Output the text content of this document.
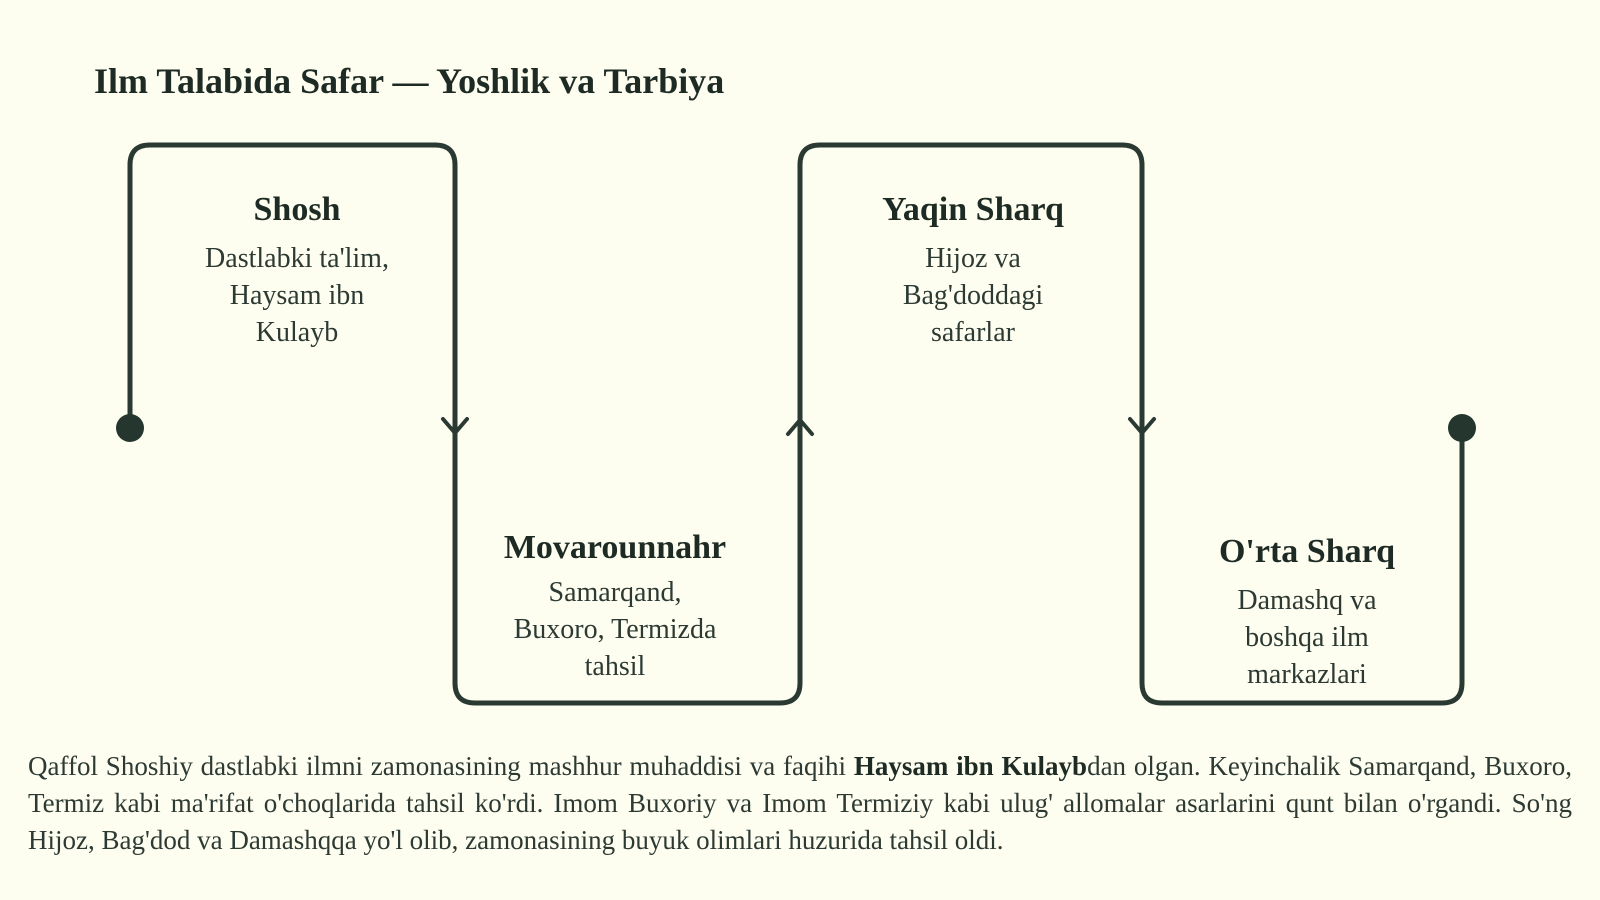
Ilm Talabida Safar — Yoshlik va Tarbiya
Shosh
Dastlabki ta'lim, Haysam ibn Kulayb
Movarounnahr
Samarqand, Buxoro, Termizda tahsil
Yaqin Sharq
Hijoz va Bag'doddagi safarlar
O'rta Sharq
Damashq va boshqa ilm markazlari

Qaffol Shoshiy dastlabki ilmni zamonasining mashhur muhaddisi va faqihi Haysam ibn Kulaybdan olgan. Keyinchalik Samarqand, Buxoro, Termiz kabi ma'rifat o'choqlarida tahsil ko'rdi. Imom Buxoriy va Imom Termiziy kabi ulug' allomalar asarlarini qunt bilan o'rgandi. So'ng Hijoz, Bag'dod va Damashqqa yo'l olib, zamonasining buyuk olimlari huzurida tahsil oldi.
